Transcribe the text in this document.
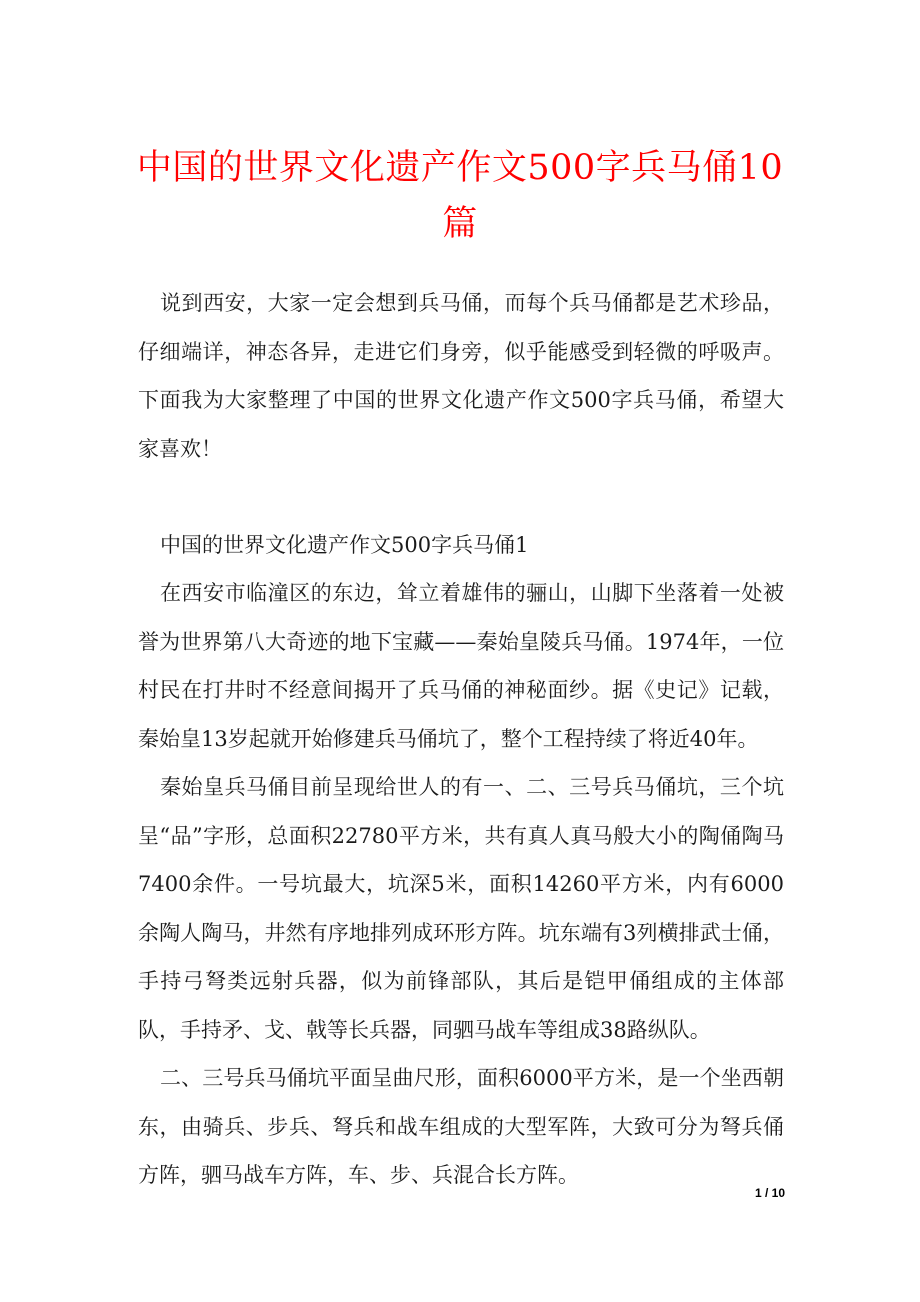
中国的世界文化遗产作文500字兵马俑10篇

说到西安，大家一定会想到兵马俑，而每个兵马俑都是艺术珍品，仔细端详，神态各异，走进它们身旁，似乎能感受到轻微的呼吸声。下面我为大家整理了中国的世界文化遗产作文500字兵马俑，希望大家喜欢！

中国的世界文化遗产作文500字兵马俑1

在西安市临潼区的东边，耸立着雄伟的骊山，山脚下坐落着一处被誉为世界第八大奇迹的地下宝藏——秦始皇陵兵马俑。1974年，一位村民在打井时不经意间揭开了兵马俑的神秘面纱。据《史记》记载，秦始皇13岁起就开始修建兵马俑坑了，整个工程持续了将近40年。

秦始皇兵马俑目前呈现给世人的有一、二、三号兵马俑坑，三个坑呈“品”字形，总面积22780平方米，共有真人真马般大小的陶俑陶马7400余件。一号坑最大，坑深5米，面积14260平方米，内有6000余陶人陶马，井然有序地排列成环形方阵。坑东端有3列横排武士俑，手持弓弩类远射兵器，似为前锋部队，其后是铠甲俑组成的主体部队，手持矛、戈、戟等长兵器，同驷马战车等组成38路纵队。

二、三号兵马俑坑平面呈曲尺形，面积6000平方米，是一个坐西朝东，由骑兵、步兵、弩兵和战车组成的大型军阵，大致可分为弩兵俑方阵，驷马战车方阵，车、步、兵混合长方阵。

1 / 10
